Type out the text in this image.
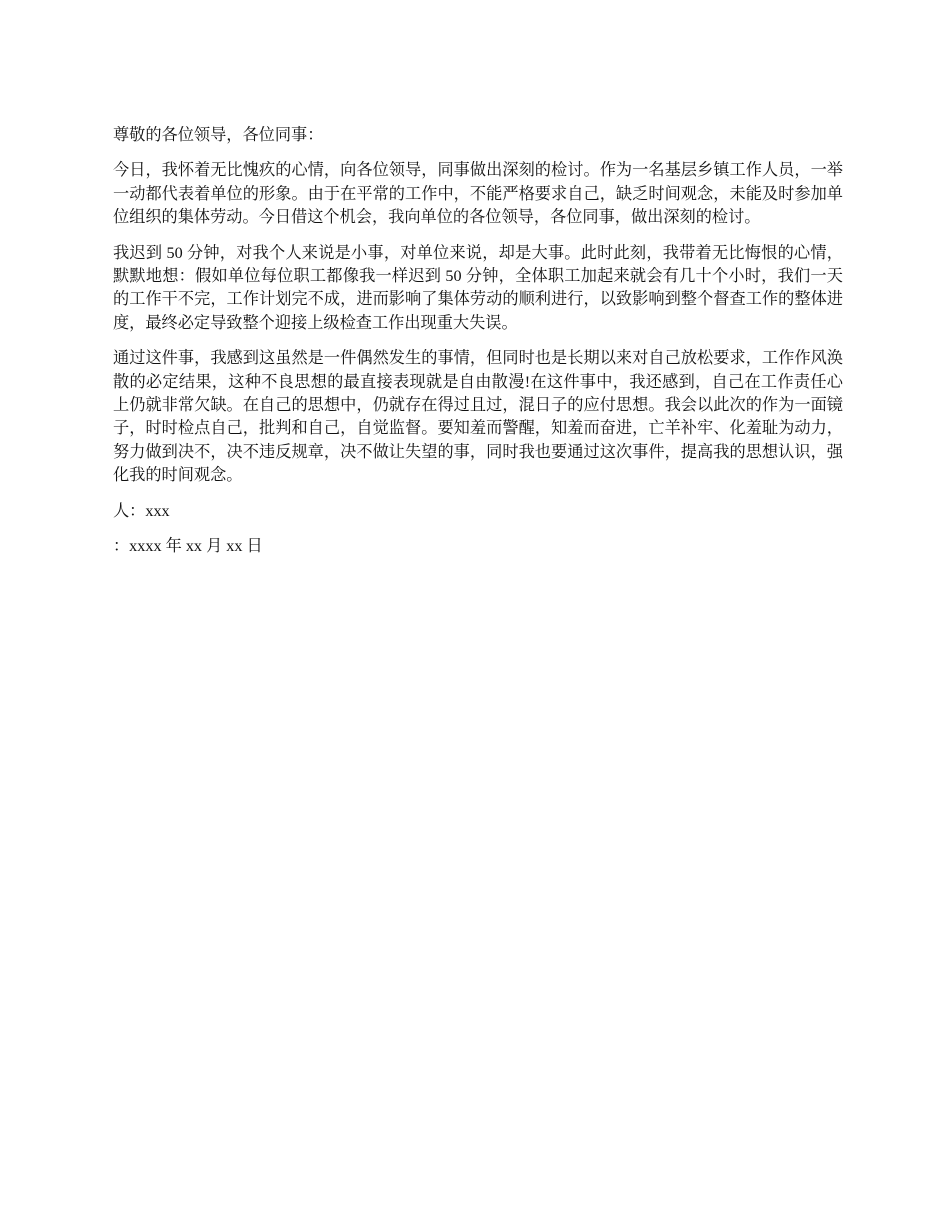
尊敬的各位领导，各位同事：

今日，我怀着无比愧疚的心情，向各位领导，同事做出深刻的检讨。作为一名基层乡镇工作人员，一举一动都代表着单位的形象。由于在平常的工作中，不能严格要求自己，缺乏时间观念，未能及时参加单位组织的集体劳动。今日借这个机会，我向单位的各位领导，各位同事，做出深刻的检讨。

我迟到 50 分钟，对我个人来说是小事，对单位来说，却是大事。此时此刻，我带着无比悔恨的心情，默默地想：假如单位每位职工都像我一样迟到 50 分钟，全体职工加起来就会有几十个小时，我们一天的工作干不完，工作计划完不成，进而影响了集体劳动的顺利进行，以致影响到整个督查工作的整体进度，最终必定导致整个迎接上级检查工作出现重大失误。

通过这件事，我感到这虽然是一件偶然发生的事情，但同时也是长期以来对自己放松要求，工作作风涣散的必定结果，这种不良思想的最直接表现就是自由散漫!在这件事中，我还感到，自己在工作责任心上仍就非常欠缺。在自己的思想中，仍就存在得过且过，混日子的应付思想。我会以此次的作为一面镜子，时时检点自己，批判和自己，自觉监督。要知羞而警醒，知羞而奋进，亡羊补牢、化羞耻为动力，努力做到决不，决不违反规章，决不做让失望的事，同时我也要通过这次事件，提高我的思想认识，强化我的时间观念。

人：xxx

：xxxx 年 xx 月 xx 日
